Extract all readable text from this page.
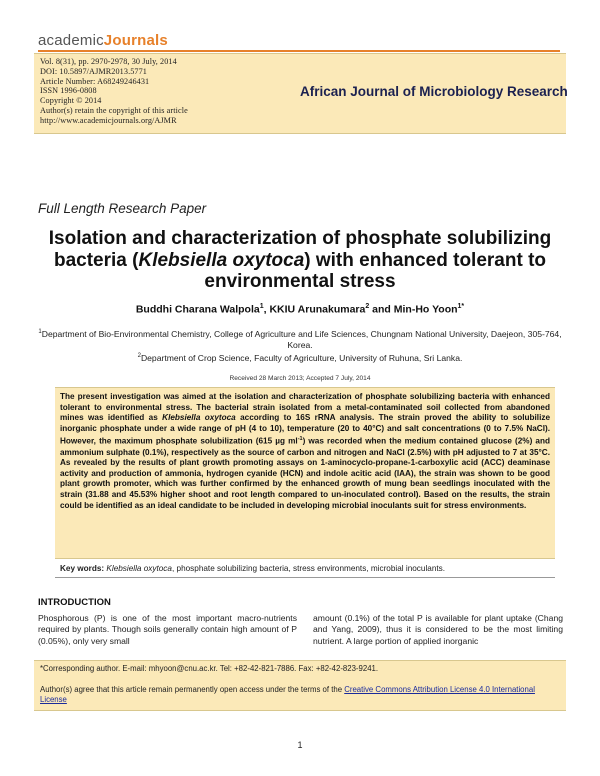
academicJournals
Vol. 8(31), pp. 2970-2978, 30 July, 2014
DOI: 10.5897/AJMR2013.5771
Article Number: A68249246431
ISSN 1996-0808
Copyright © 2014
Author(s) retain the copyright of this article
http://www.academicjournals.org/AJMR
African Journal of Microbiology Research
Full Length Research Paper
Isolation and characterization of phosphate solubilizing bacteria (Klebsiella oxytoca) with enhanced tolerant to environmental stress
Buddhi Charana Walpola$^1$, KKIU Arunakumara$^2$ and Min-Ho Yoon$^{1*}$
$^1$Department of Bio-Environmental Chemistry, College of Agriculture and Life Sciences, Chungnam National University, Daejeon, 305-764, Korea.
$^2$Department of Crop Science, Faculty of Agriculture, University of Ruhuna, Sri Lanka.
Received 28 March 2013; Accepted 7 July, 2014
The present investigation was aimed at the isolation and characterization of phosphate solubilizing bacteria with enhanced tolerant to environmental stress. The bacterial strain isolated from a metal-contaminated soil collected from abandoned mines was identified as Klebsiella oxytoca according to 16S rRNA analysis. The strain proved the ability to solubilize inorganic phosphate under a wide range of pH (4 to 10), temperature (20 to 40°C) and salt concentrations (0 to 7.5% NaCl). However, the maximum phosphate solubilization (615 µg $ml^{-1}$) was recorded when the medium contained glucose (2%) and ammonium sulphate (0.1%), respectively as the source of carbon and nitrogen and NaCl (2.5%) with pH adjusted to 7 at 35°C. As revealed by the results of plant growth promoting assays on 1-aminocyclo-propane-1-carboxylic acid (ACC) deaminase activity and production of ammonia, hydrogen cyanide (HCN) and indole acitic acid (IAA), the strain was shown to be good plant growth promoter, which was further confirmed by the enhanced growth of mung bean seedlings inoculated with the strain (31.88 and 45.53% higher shoot and root length compared to un-inoculated control). Based on the results, the strain could be identified as an ideal candidate to be included in developing microbial inoculants suit for stress environments.
Key words: Klebsiella oxytoca, phosphate solubilizing bacteria, stress environments, microbial inoculants.
INTRODUCTION
Phosphorous (P) is one of the most important macro-nutrients required by plants. Though soils generally contain high amount of P (0.05%), only very small
amount (0.1%) of the total P is available for plant uptake (Chang and Yang, 2009), thus it is considered to be the most limiting nutrient. A large portion of applied inorganic
*Corresponding author. E-mail: mhyoon@cnu.ac.kr. Tel: +82-42-821-7886. Fax: +82-42-823-9241.
Author(s) agree that this article remain permanently open access under the terms of the Creative Commons Attribution License 4.0 International License
1
